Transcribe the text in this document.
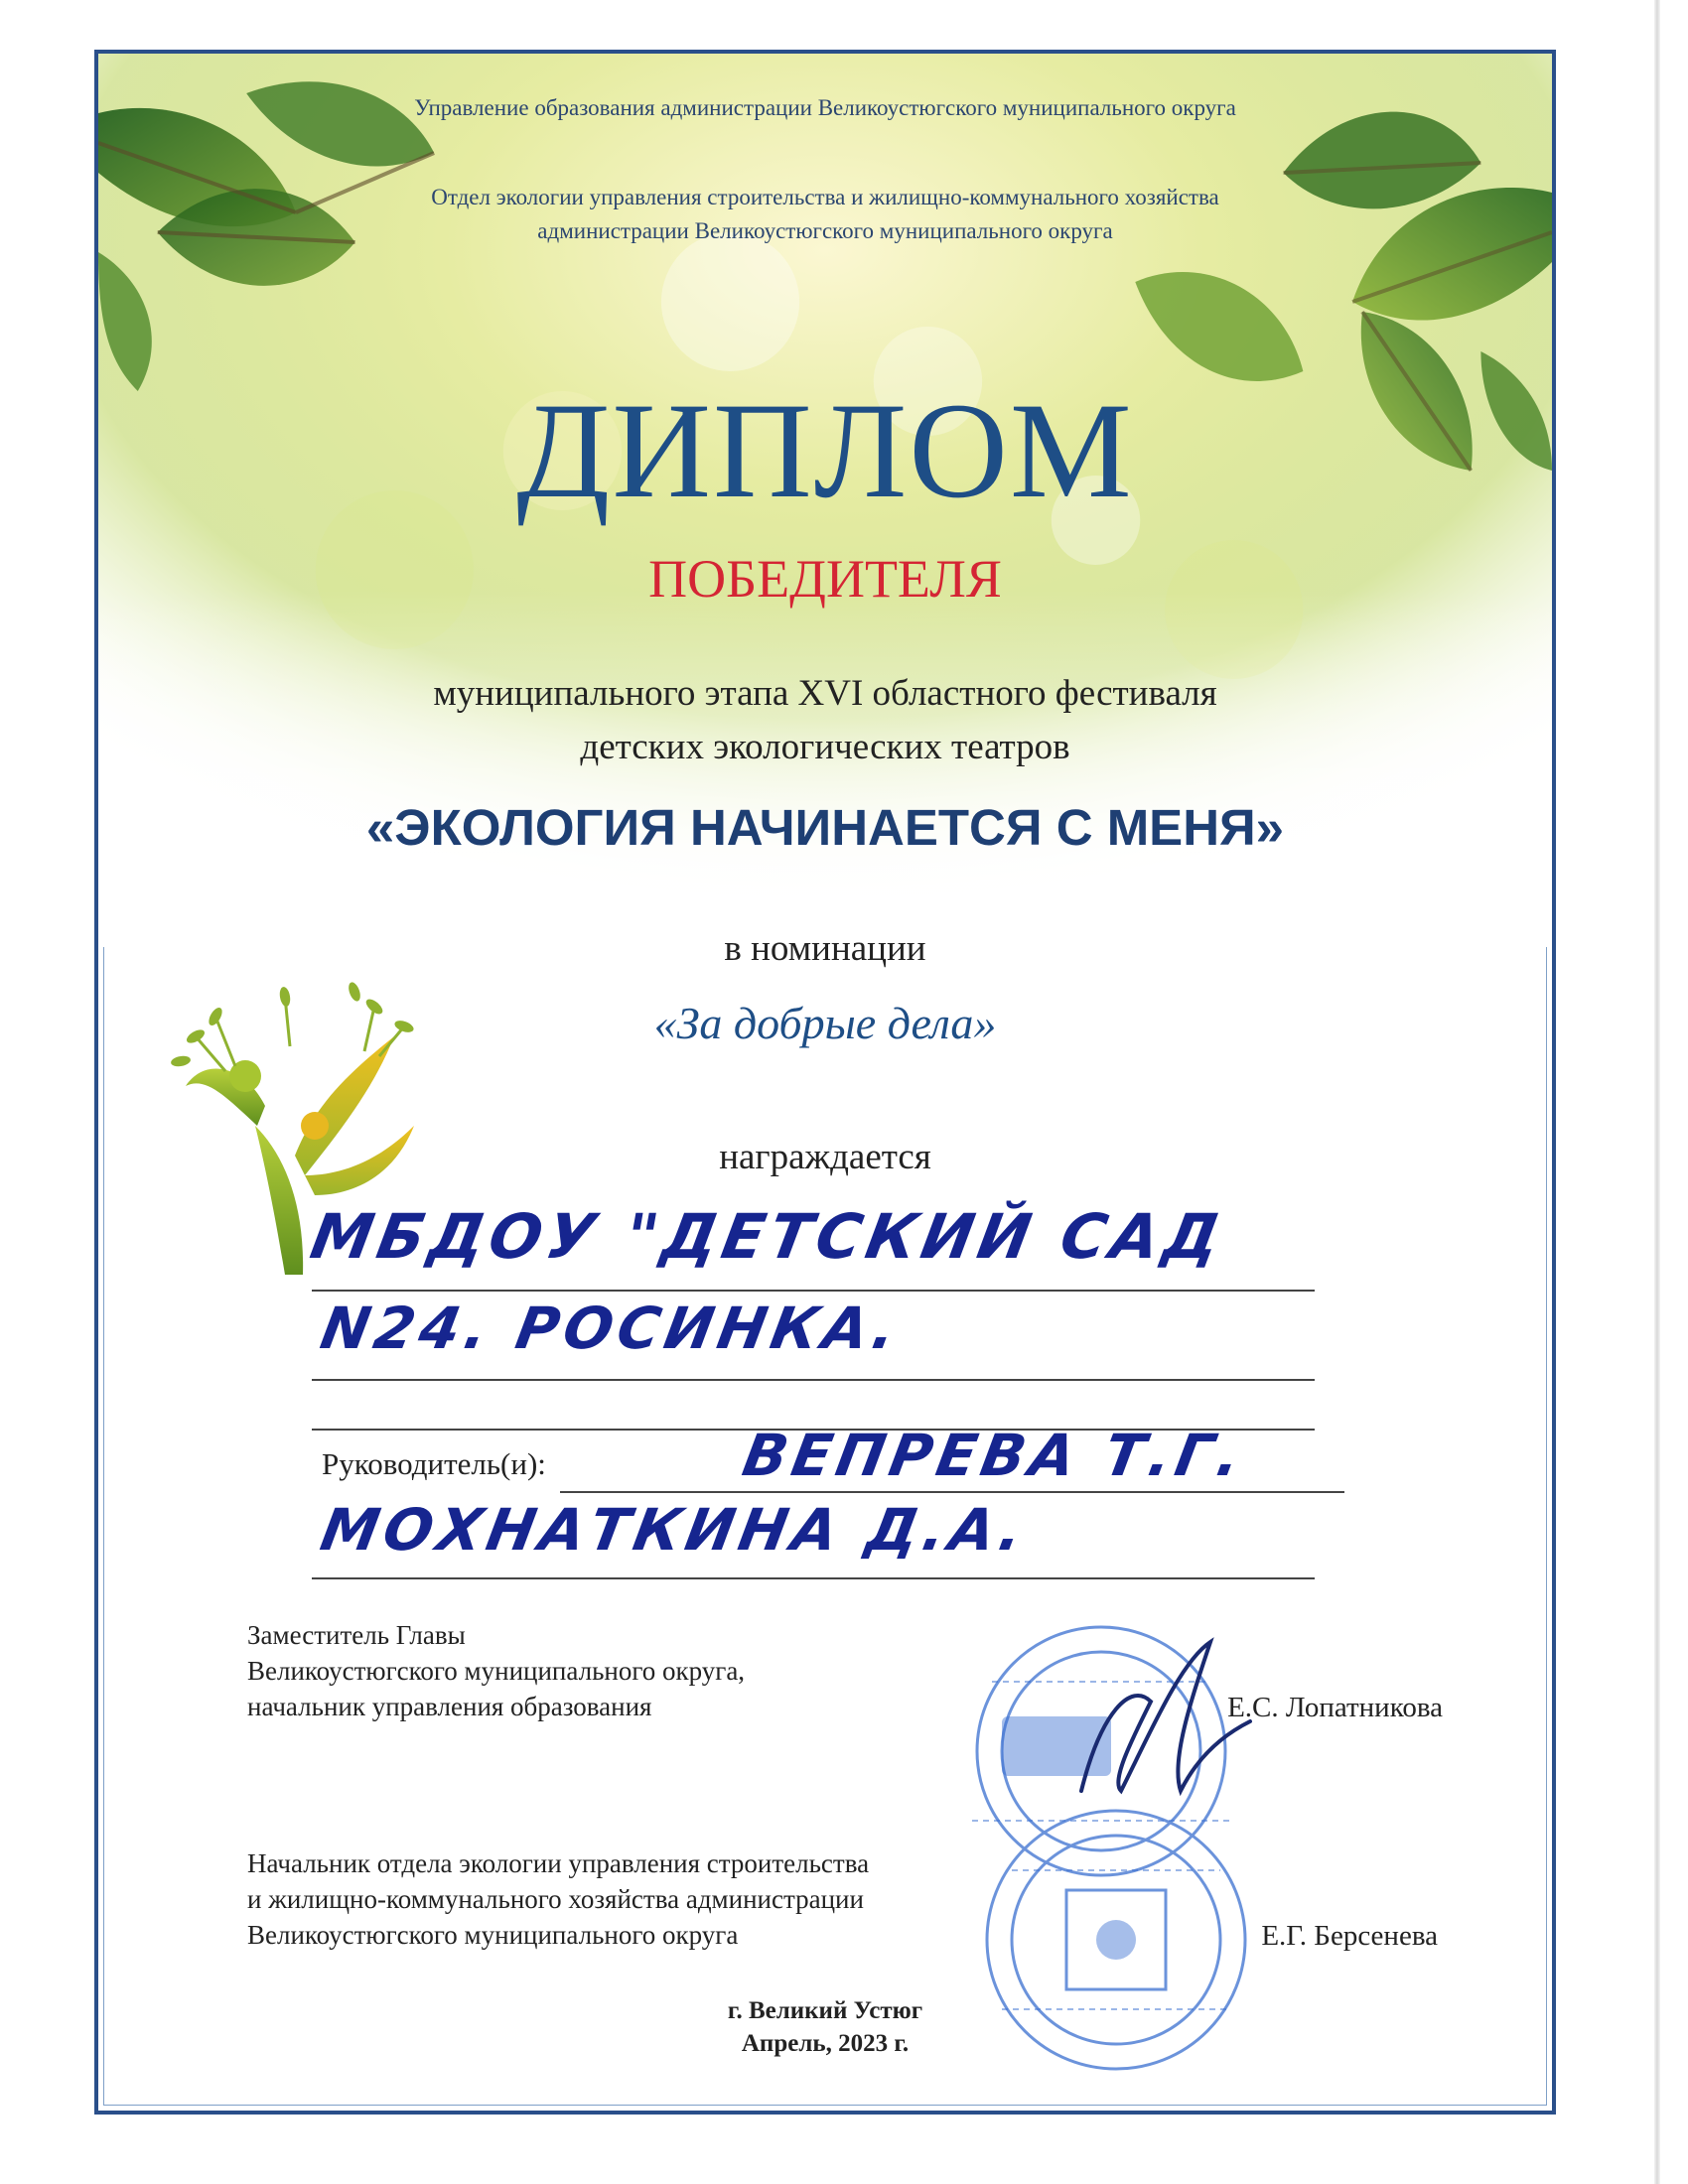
Управление образования администрации Великоустюгского муниципального округа
Отдел экологии управления строительства и жилищно-коммунального хозяйства
администрации Великоустюгского муниципального округа
ДИПЛОМ
ПОБЕДИТЕЛЯ
муниципального этапа XVI областного фестиваля
детских экологических театров
«ЭКОЛОГИЯ НАЧИНАЕТСЯ С МЕНЯ»
в номинации
«За добрые дела»
награждается
МБДОУ "ДЕТСКИЙ САД
N24. РОСИНКА.
Руководитель(и):	ВЕПРЕВА Т.Г.
МОХНАТКИНА Д.А.
Заместитель Главы
Великоустюгского муниципального округа,
начальник управления образования	Е.С. Лопатникова
Начальник отдела экологии управления строительства
и жилищно-коммунального хозяйства администрации
Великоустюгского муниципального округа	Е.Г. Берсенева
г. Великий Устюг
Апрель, 2023 г.
